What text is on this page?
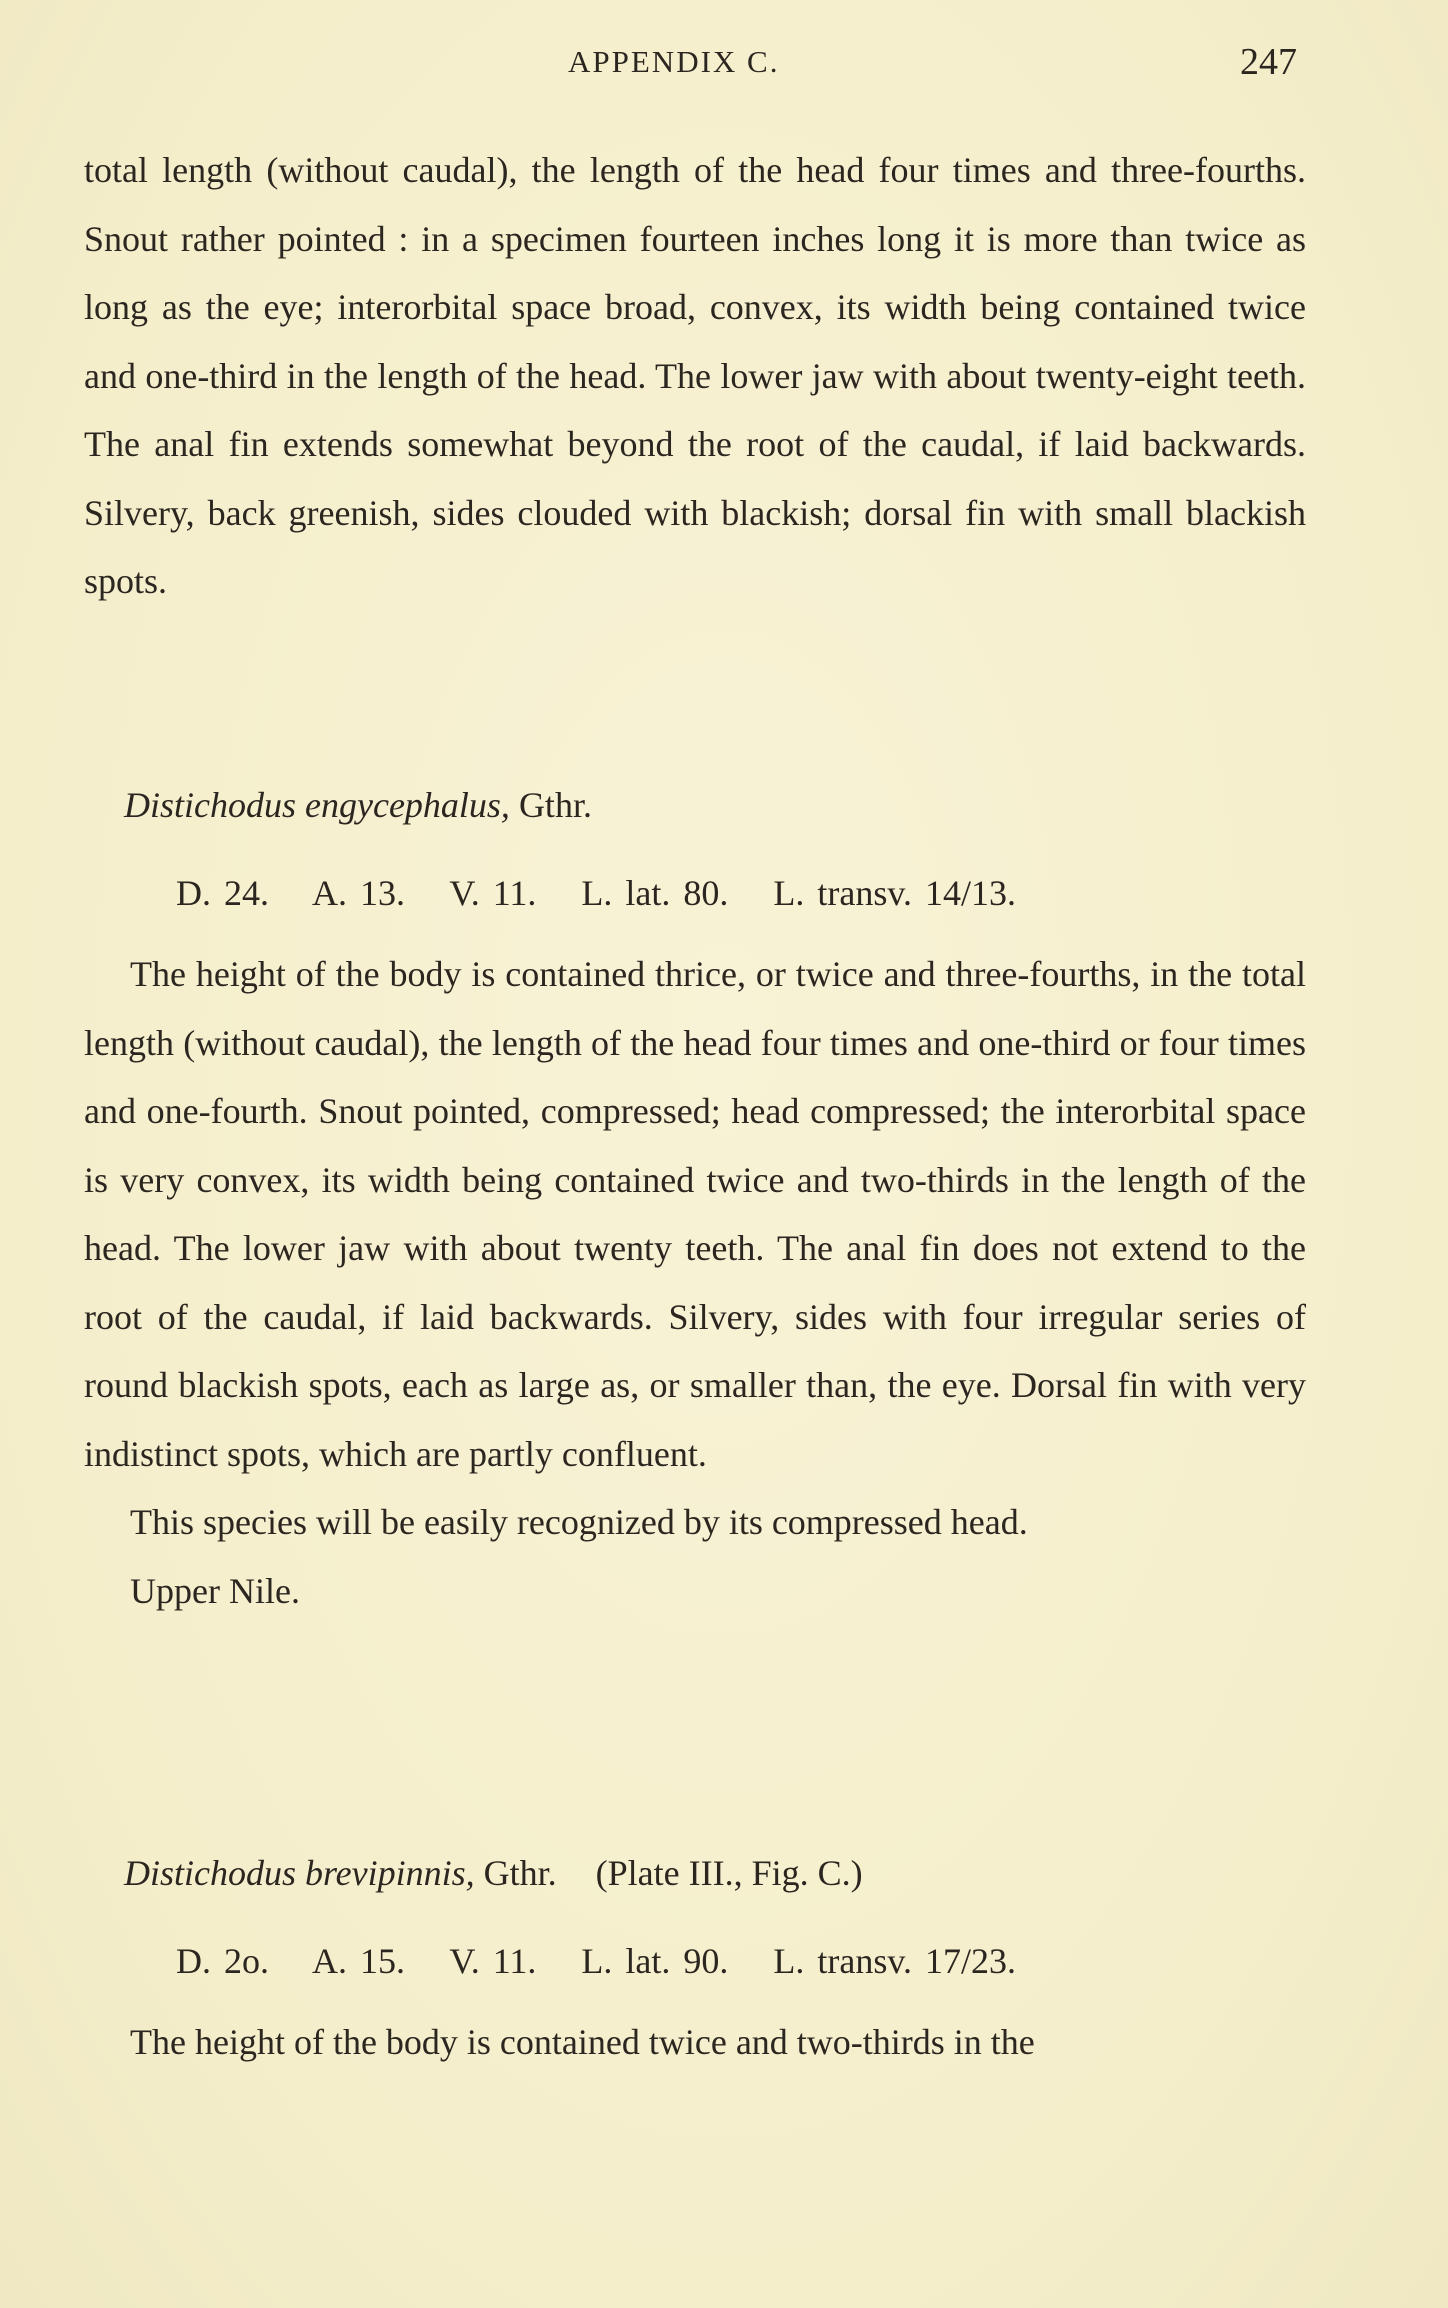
APPENDIX C.	247

total length (without caudal), the length of the head four times and three-fourths. Snout rather pointed : in a specimen fourteen inches long it is more than twice as long as the eye; interorbital space broad, convex, its width being contained twice and one-third in the length of the head. The lower jaw with about twenty-eight teeth. The anal fin extends somewhat beyond the root of the caudal, if laid backwards. Silvery, back greenish, sides clouded with blackish; dorsal fin with small blackish spots.

Distichodus engycephalus, Gthr.
D. 24. A. 13. V. 11. L. lat. 80. L. transv. 14/13.

The height of the body is contained thrice, or twice and three-fourths, in the total length (without caudal), the length of the head four times and one-third or four times and one-fourth. Snout pointed, compressed; head compressed; the interorbital space is very convex, its width being contained twice and two-thirds in the length of the head. The lower jaw with about twenty teeth. The anal fin does not extend to the root of the caudal, if laid backwards. Silvery, sides with four irregular series of round blackish spots, each as large as, or smaller than, the eye. Dorsal fin with very indistinct spots, which are partly confluent.

This species will be easily recognized by its compressed head.

Upper Nile.

Distichodus brevipinnis, Gthr. (Plate III., Fig. C.)
D. 2o. A. 15. V. 11. L. lat. 90. L. transv. 17/23.

The height of the body is contained twice and two-thirds in the
